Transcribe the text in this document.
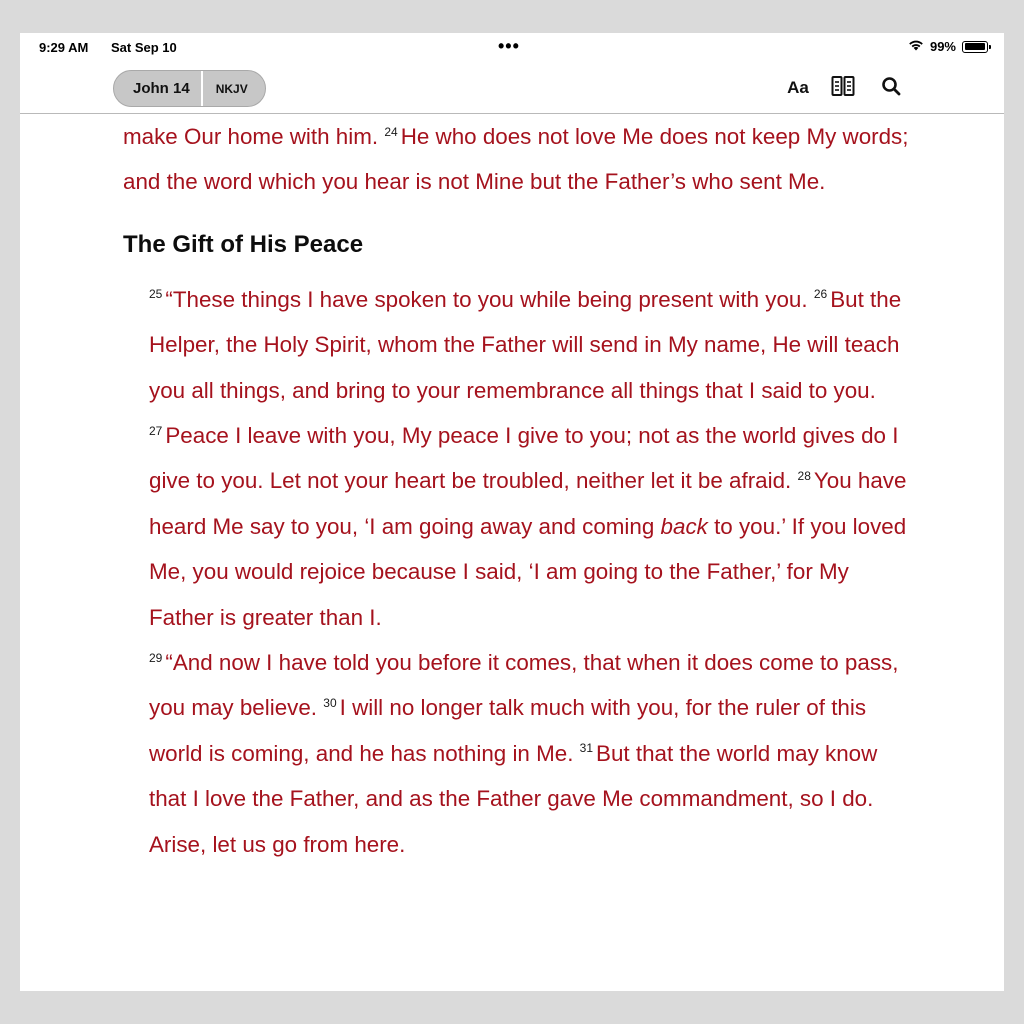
9:29 AM Sat Sep 10	•••	99%
John 14	NKJV	Aa

make Our home with him. $^{24}$ He who does not love Me does not keep My words; and the word which you hear is not Mine but the Father’s who sent Me.

The Gift of His Peace

$^{25}$ “These things I have spoken to you while being present with you. $^{26}$ But the Helper, the Holy Spirit, whom the Father will send in My name, He will teach you all things, and bring to your remembrance all things that I said to you. $^{27}$ Peace I leave with you, My peace I give to you; not as the world gives do I give to you. Let not your heart be troubled, neither let it be afraid. $^{28}$ You have heard Me say to you, ‘I am going away and coming back to you.’ If you loved Me, you would rejoice because I said, ‘I am going to the Father,’ for My Father is greater than I.

$^{29}$ “And now I have told you before it comes, that when it does come to pass, you may believe. $^{30}$ I will no longer talk much with you, for the ruler of this world is coming, and he has nothing in Me. $^{31}$ But that the world may know that I love the Father, and as the Father gave Me commandment, so I do. Arise, let us go from here.
